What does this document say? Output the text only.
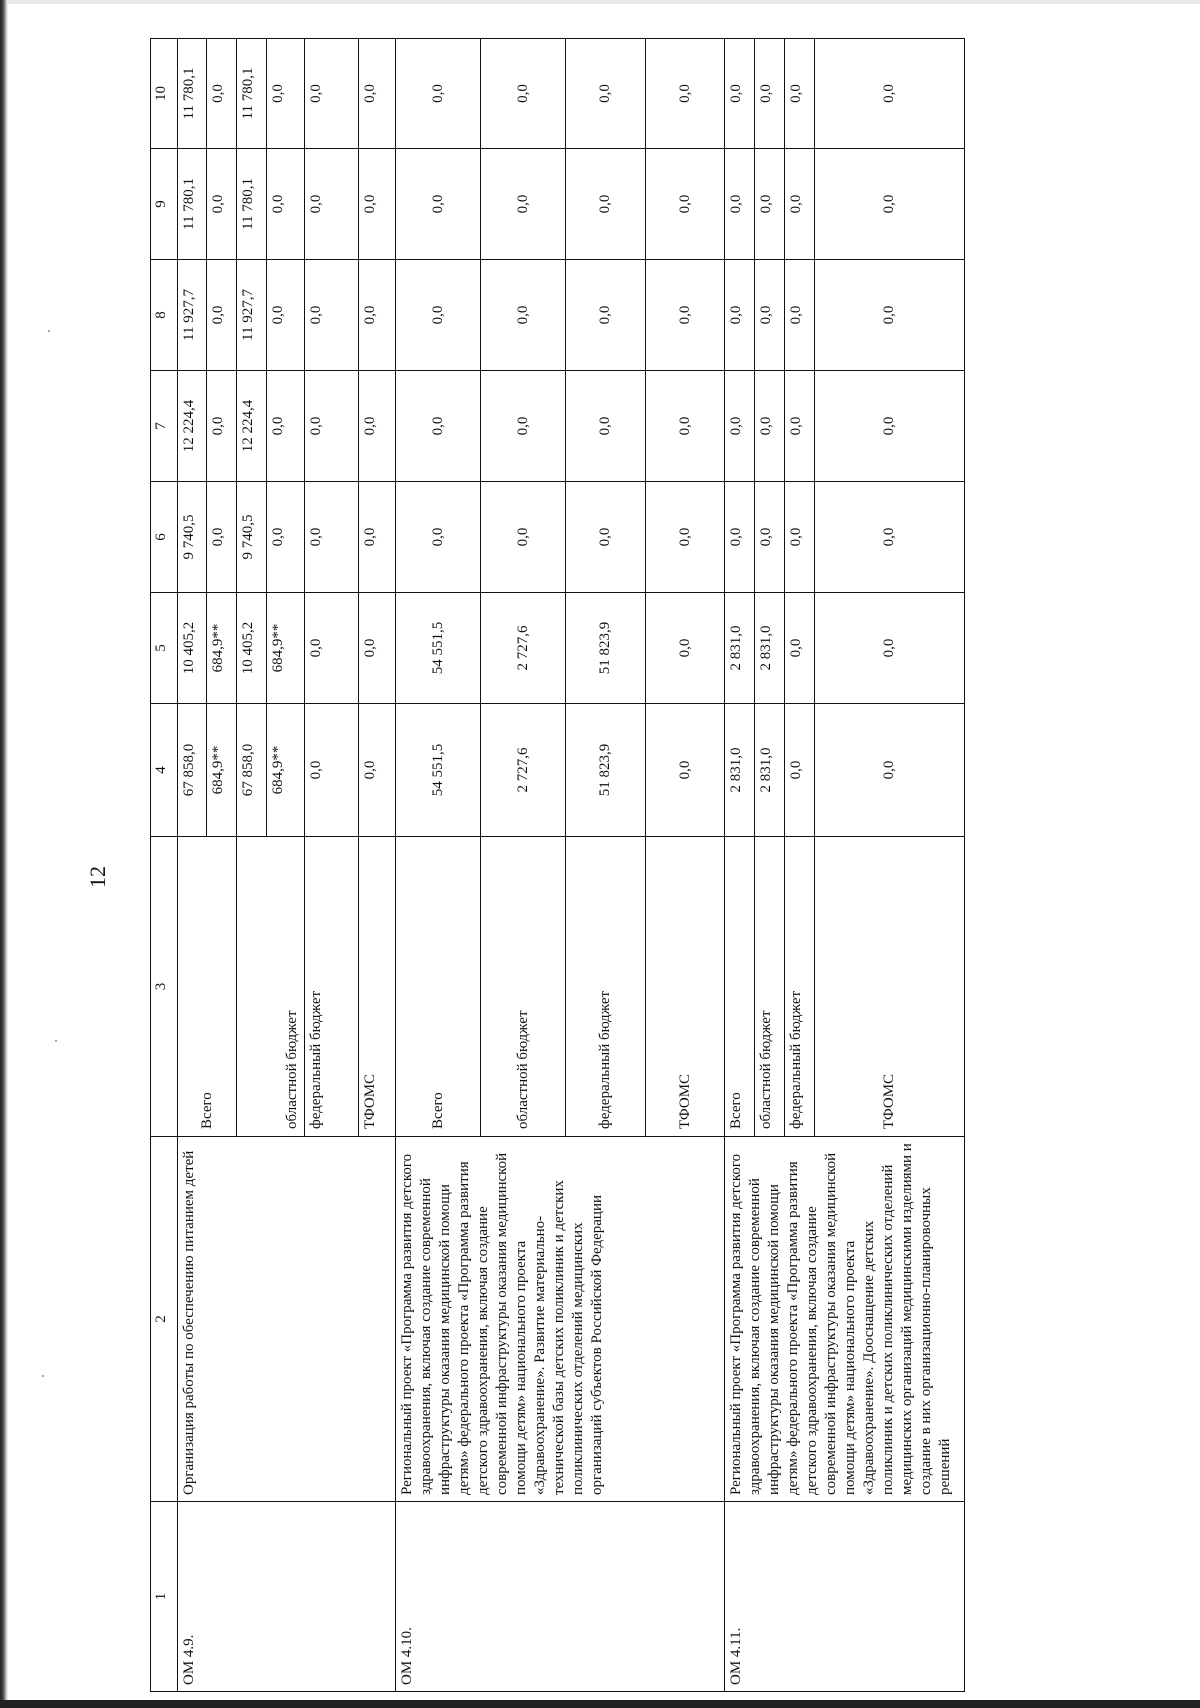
12
1	2	3	4	5	6	7	8	9	10
ОМ 4.9.	Организация работы по обеспечению питанием детей	Всего	67 858,0	10 405,2	9 740,5	12 224,4	11 927,7	11 780,1	11 780,1
			684,9**	684,9**	0,0	0,0	0,0	0,0	0,0
		областной бюджет	67 858,0	10 405,2	9 740,5	12 224,4	11 927,7	11 780,1	11 780,1
			684,9**	684,9**	0,0	0,0	0,0	0,0	0,0
		федеральный бюджет	0,0	0,0	0,0	0,0	0,0	0,0	0,0
		ТФОМС	0,0	0,0	0,0	0,0	0,0	0,0	0,0
ОМ 4.10.	Региональный проект «Программа развития детского здравоохранения, включая создание современной инфраструктуры оказания медицинской помощи детям» федерального проекта «Программа развития детского здравоохранения, включая создание современной инфраструктуры оказания медицинской помощи детям» национального проекта «Здравоохранение». Развитие материально-технической базы детских поликлиник и детских поликлинических отделений медицинских организаций субъектов Российской Федерации	Всего	54 551,5	54 551,5	0,0	0,0	0,0	0,0	0,0
		областной бюджет	2 727,6	2 727,6	0,0	0,0	0,0	0,0	0,0
		федеральный бюджет	51 823,9	51 823,9	0,0	0,0	0,0	0,0	0,0
		ТФОМС	0,0	0,0	0,0	0,0	0,0	0,0	0,0
ОМ 4.11.	Региональный проект «Программа развития детского здравоохранения, включая создание современной инфраструктуры оказания медицинской помощи детям» федерального проекта «Программа развития детского здравоохранения, включая создание современной инфраструктуры оказания медицинской помощи детям» национального проекта «Здравоохранение». Дооснащение детских поликлиник и детских поликлинических отделений медицинских организаций медицинскими изделиями и создание в них организационно-планировочных решений	Всего	2 831,0	2 831,0	0,0	0,0	0,0	0,0	0,0
		областной бюджет	2 831,0	2 831,0	0,0	0,0	0,0	0,0	0,0
		федеральный бюджет	0,0	0,0	0,0	0,0	0,0	0,0	0,0
		ТФОМС	0,0	0,0	0,0	0,0	0,0	0,0	0,0
